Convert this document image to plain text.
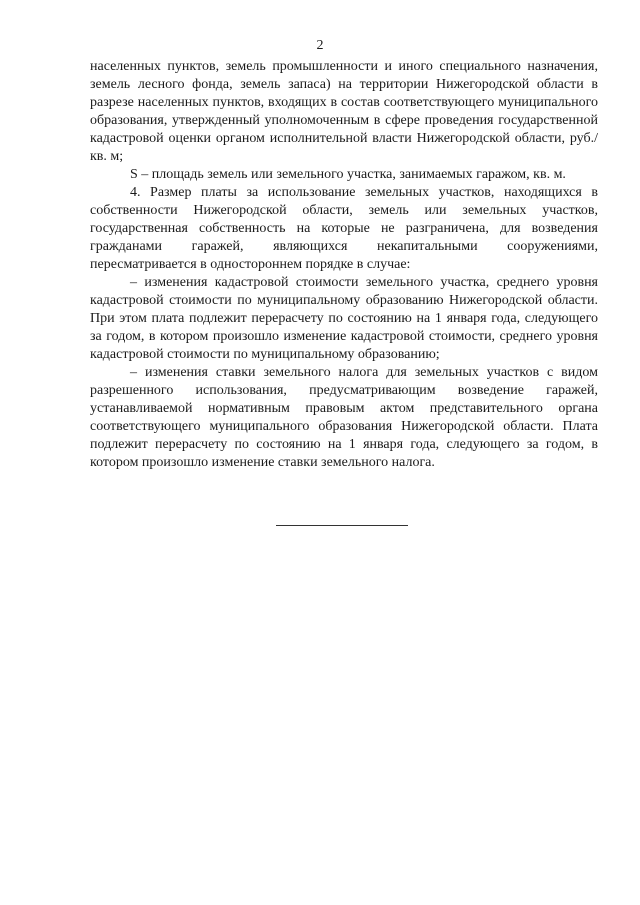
2

населенных пунктов, земель промышленности и иного специального назначения, земель лесного фонда, земель запаса) на территории Нижегородской области в разрезе населенных пунктов, входящих в состав соответствующего муниципального образования, утвержденный уполномоченным в сфере проведения государственной кадастровой оценки органом исполнительной власти Нижегородской области, руб./кв. м;

S – площадь земель или земельного участка, занимаемых гаражом, кв. м.

4. Размер платы за использование земельных участков, находящихся в собственности Нижегородской области, земель или земельных участков, государственная собственность на которые не разграничена, для возведения гражданами гаражей, являющихся некапитальными сооружениями, пересматривается в одностороннем порядке в случае:

– изменения кадастровой стоимости земельного участка, среднего уровня кадастровой стоимости по муниципальному образованию Нижегородской области. При этом плата подлежит перерасчету по состоянию на 1 января года, следующего за годом, в котором произошло изменение кадастровой стоимости, среднего уровня кадастровой стоимости по муниципальному образованию;

– изменения ставки земельного налога для земельных участков с видом разрешенного использования, предусматривающим возведение гаражей, устанавливаемой нормативным правовым актом представительного органа соответствующего муниципального образования Нижегородской области. Плата подлежит перерасчету по состоянию на 1 января года, следующего за годом, в котором произошло изменение ставки земельного налога.
